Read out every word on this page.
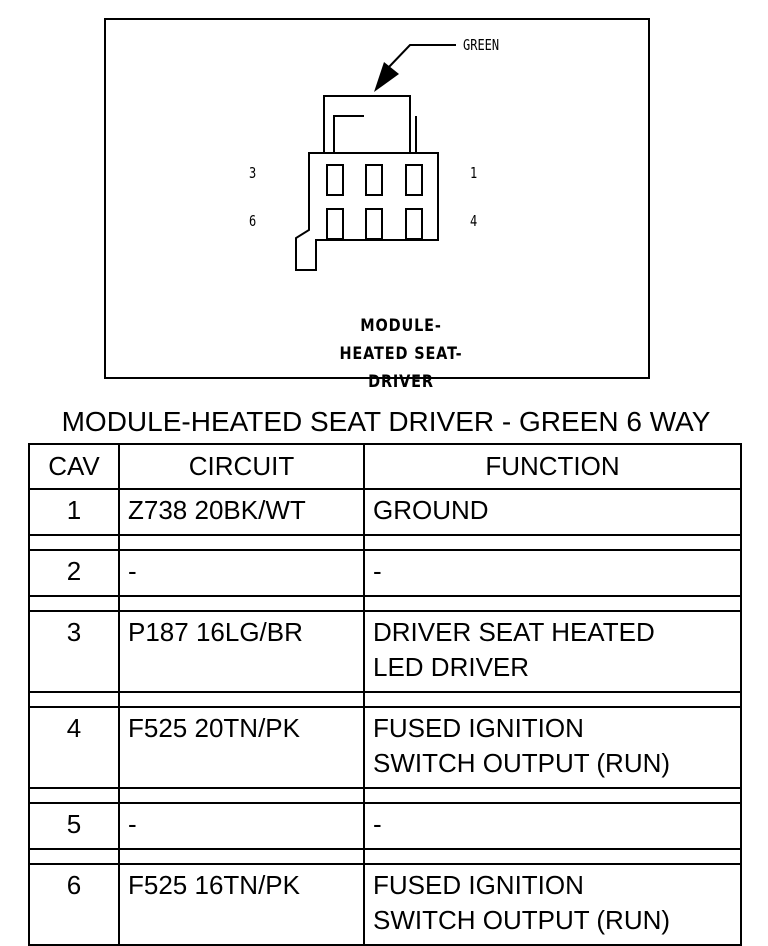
GREEN
3
6
1
4
MODULE-
HEATED SEAT-
DRIVER
MODULE-HEATED SEAT DRIVER - GREEN 6 WAY
CAV	CIRCUIT	FUNCTION
1	Z738 20BK/WT	GROUND

2	-	-

3	P187 16LG/BR	DRIVER SEAT HEATED
LED DRIVER

4	F525 20TN/PK	FUSED IGNITION
SWITCH OUTPUT (RUN)

5	-	-

6	F525 16TN/PK	FUSED IGNITION
SWITCH OUTPUT (RUN)
